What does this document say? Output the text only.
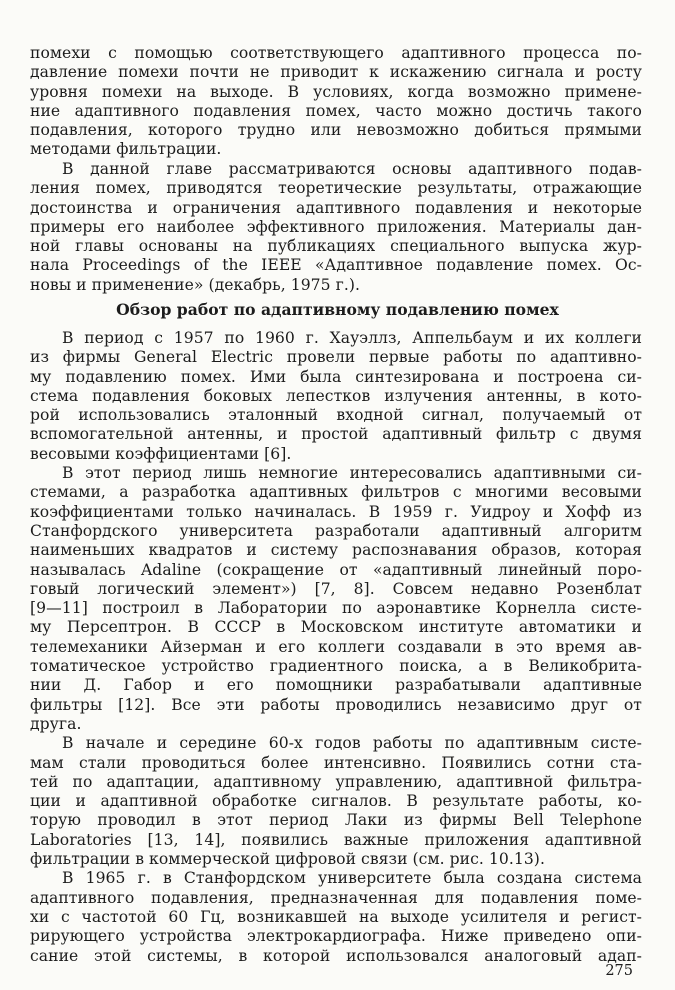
помехи с помощью соответствующего адаптивного процесса по-
давление помехи почти не приводит к искажению сигнала и росту
уровня помехи на выходе. В условиях, когда возможно примене-
ние адаптивного подавления помех, часто можно достичь такого
подавления, которого трудно или невозможно добиться прямыми
методами фильтрации.
В данной главе рассматриваются основы адаптивного подав-
ления помех, приводятся теоретические результаты, отражающие
достоинства и ограничения адаптивного подавления и некоторые
примеры его наиболее эффективного приложения. Материалы дан-
ной главы основаны на публикациях специального выпуска жур-
нала Proceedings of the IEEE «Адаптивное подавление помех. Ос-
новы и применение» (декабрь, 1975 г.).
Обзор работ по адаптивному подавлению помех
В период с 1957 по 1960 г. Хауэллз, Аппельбаум и их коллеги
из фирмы General Electric провели первые работы по адаптивно-
му подавлению помех. Ими была синтезирована и построена си-
стема подавления боковых лепестков излучения антенны, в кото-
рой использовались эталонный входной сигнал, получаемый от
вспомогательной антенны, и простой адаптивный фильтр с двумя
весовыми коэффициентами [6].
В этот период лишь немногие интересовались адаптивными си-
стемами, а разработка адаптивных фильтров с многими весовыми
коэффициентами только начиналась. В 1959 г. Уидроу и Хофф из
Станфордского университета разработали адаптивный алгоритм
наименьших квадратов и систему распознавания образов, которая
называлась Adaline (сокращение от «адаптивный линейный поро-
говый логический элемент») [7, 8]. Совсем недавно Розенблат
[9—11] построил в Лаборатории по аэронавтике Корнелла систе-
му Персептрон. В СССР в Московском институте автоматики и
телемеханики Айзерман и его коллеги создавали в это время ав-
томатическое устройство градиентного поиска, а в Великобрита-
нии Д. Габор и его помощники разрабатывали адаптивные
фильтры [12]. Все эти работы проводились независимо друг от
друга.
В начале и середине 60-х годов работы по адаптивным систе-
мам стали проводиться более интенсивно. Появились сотни ста-
тей по адаптации, адаптивному управлению, адаптивной фильтра-
ции и адаптивной обработке сигналов. В результате работы, ко-
торую проводил в этот период Лаки из фирмы Bell Telephone
Laboratories [13, 14], появились важные приложения адаптивной
фильтрации в коммерческой цифровой связи (см. рис. 10.13).
В 1965 г. в Станфордском университете была создана система
адаптивного подавления, предназначенная для подавления поме-
хи с частотой 60 Гц, возникавшей на выходе усилителя и регист-
рирующего устройства электрокардиографа. Ниже приведено опи-
сание этой системы, в которой использовался аналоговый адап-
275
